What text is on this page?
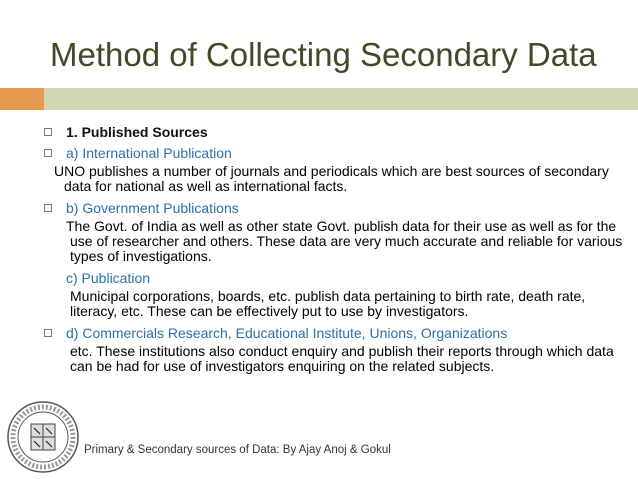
Method of Collecting Secondary Data
1. Published Sources
a) International Publication
UNO publishes a number of journals and periodicals which are best sources of secondary data for national as well as international facts.
b) Government Publications
The Govt. of India as well as other state Govt. publish data for their use as well as for the use of researcher and others. These data are very much accurate and reliable for various types of investigations.
c) Publication
Municipal corporations, boards, etc. publish data pertaining to birth rate, death rate, literacy, etc. These can be effectively put to use by investigators.
d) Commercials Research, Educational Institute, Unions, Organizations
etc. These institutions also conduct enquiry and publish their reports through which data can be had for use of investigators enquiring on the related subjects.
Primary & Secondary sources of Data: By Ajay Anoj & Gokul
